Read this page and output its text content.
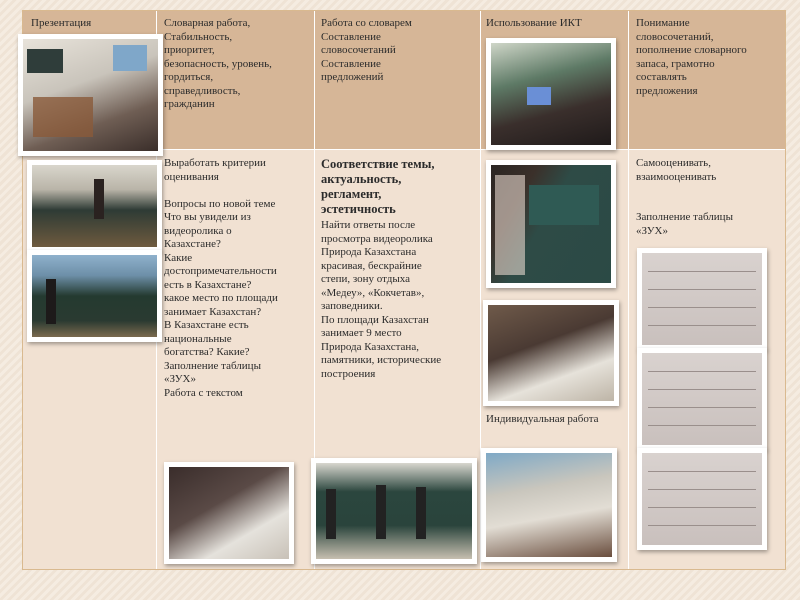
Презентация	Словарная работа,
Стабильность,
приоритет,
безопасность, уровень,
гордиться,
справедливость,
гражданин
Работа со словарем
Составление
словосочетаний
Составление
предложений
Использование ИКТ	Понимание
словосочетаний,
пополнение словарного
запаса, грамотно
составлять
предложения
Выработать критерии
оценивания

Вопросы по новой теме
Что вы увидели из
видеоролика о
Казахстане?
Какие
достопримечательности
есть в Казахстане?
какое место по площади
занимает Казахстан?
В Казахстане есть
национальные
богатства? Какие?
Заполнение таблицы
«ЗУХ»
Работа с текстом
Соответствие темы,
актуальность,
регламент,
эстетичность
Найти ответы после
просмотра видеоролика
Природа Казахстана
красивая, бескрайние
степи, зону отдыха
«Медеу», «Кокчетав»,
заповедники.
По площади Казахстан
занимает 9 место
Природа Казахстана,
памятники, исторические
построения
Индивидуальная работа
Самооценивать,
взаимооценивать

Заполнение таблицы
«ЗУХ»
